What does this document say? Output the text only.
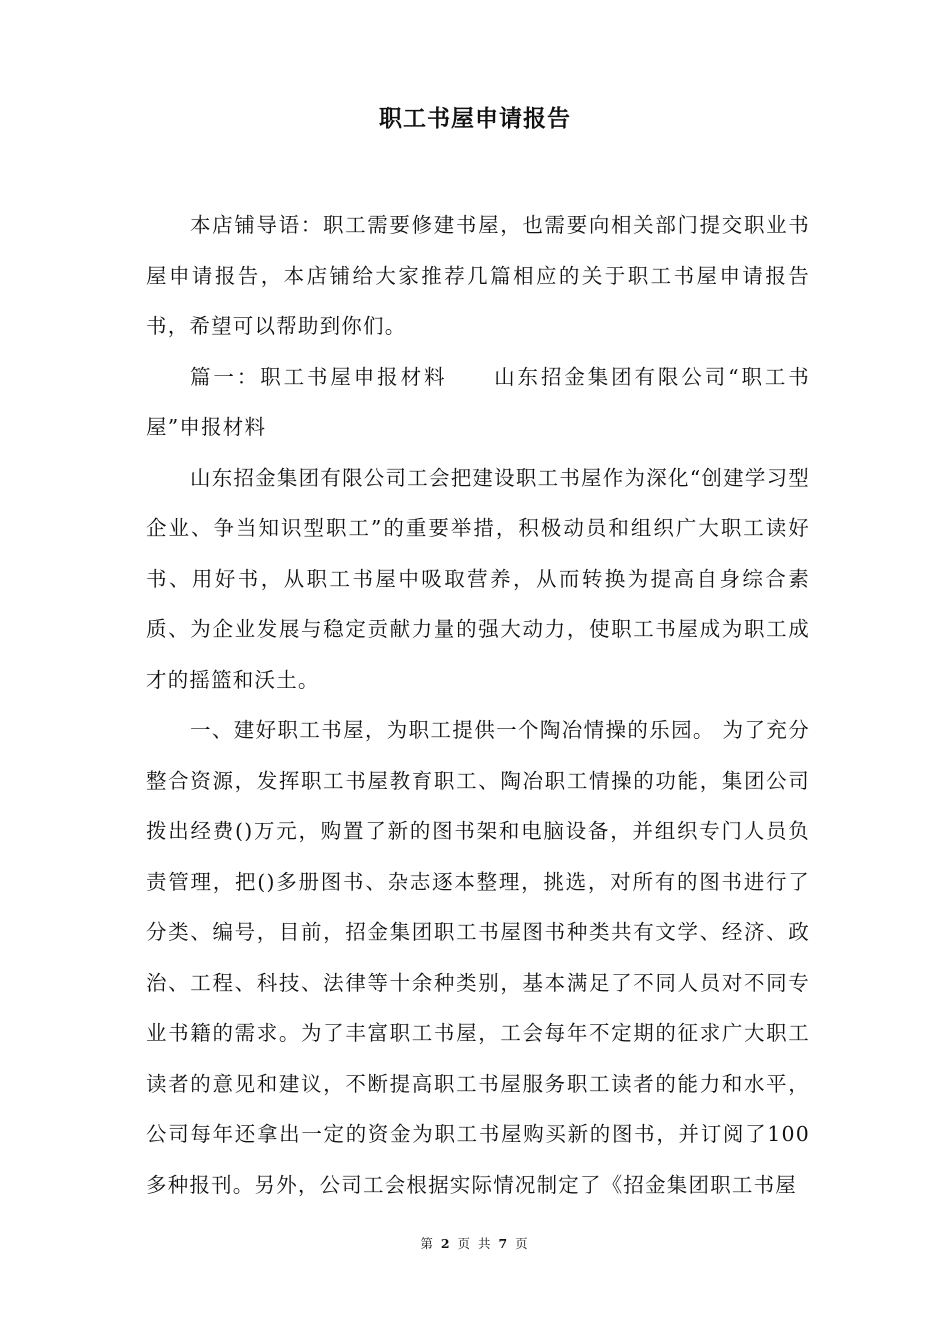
职工书屋申请报告

本店铺导语：职工需要修建书屋，也需要向相关部门提交职业书屋申请报告，本店铺给大家推荐几篇相应的关于职工书屋申请报告书，希望可以帮助到你们。

篇一：职工书屋申报材料　　山东招金集团有限公司“职工书屋”申报材料

山东招金集团有限公司工会把建设职工书屋作为深化“创建学习型企业、争当知识型职工”的重要举措，积极动员和组织广大职工读好书、用好书，从职工书屋中吸取营养，从而转换为提高自身综合素质、为企业发展与稳定贡献力量的强大动力，使职工书屋成为职工成才的摇篮和沃土。

一、建好职工书屋，为职工提供一个陶冶情操的乐园。 为了充分整合资源，发挥职工书屋教育职工、陶冶职工情操的功能，集团公司拨出经费()万元，购置了新的图书架和电脑设备，并组织专门人员负责管理，把()多册图书、杂志逐本整理，挑选，对所有的图书进行了分类、编号，目前，招金集团职工书屋图书种类共有文学、经济、政治、工程、科技、法律等十余种类别，基本满足了不同人员对不同专业书籍的需求。为了丰富职工书屋，工会每年不定期的征求广大职工读者的意见和建议，不断提高职工书屋服务职工读者的能力和水平，公司每年还拿出一定的资金为职工书屋购买新的图书，并订阅了100多种报刊。另外，公司工会根据实际情况制定了《招金集团职工书屋

第 2 页 共 7 页
